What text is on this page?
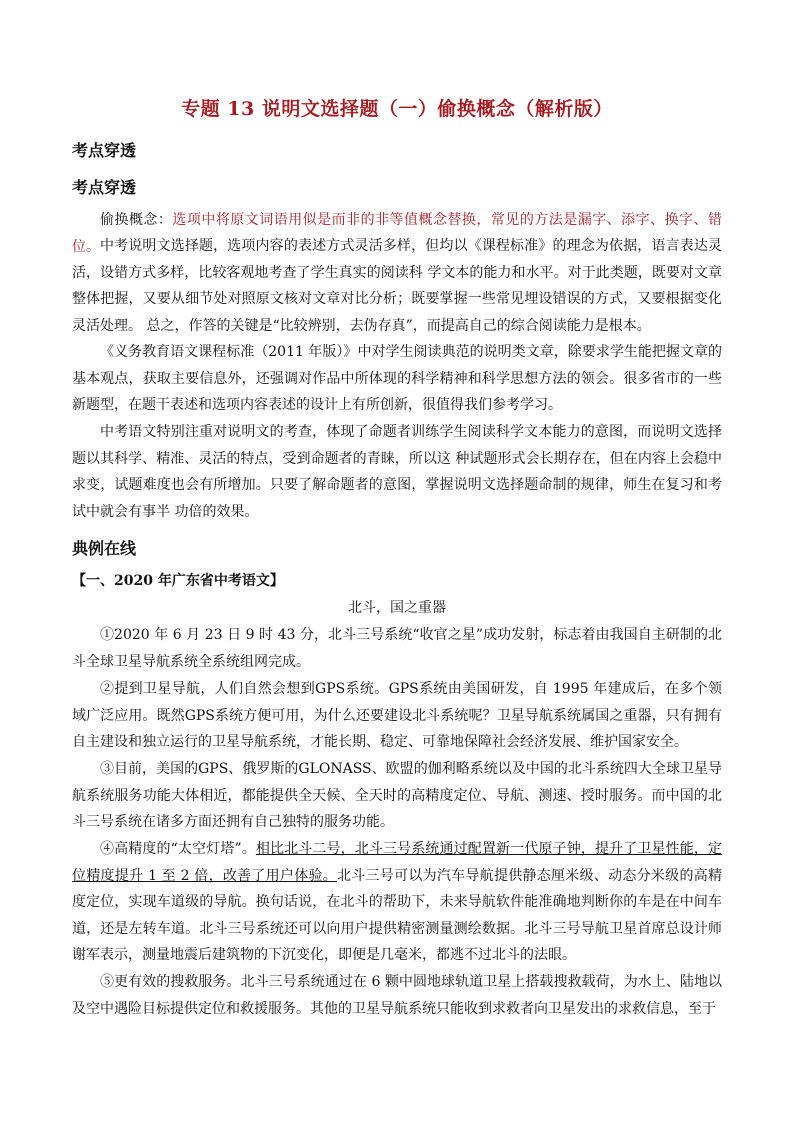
专题 13 说明文选择题（一）偷换概念（解析版）
考点穿透
考点穿透
偷换概念：选项中将原文词语用似是而非的非等值概念替换，常见的方法是漏字、添字、换字、错位。 中考说明文选择题，选项内容的表述方式灵活多样，但均以《课程标准》的理念为依据，语言表达灵活，设错方式多样，比较客观地考查了学生真实的阅读科 学文本的能力和水平。对于此类题，既要对文章整体把握，又要从细节处对照原文核对文章对比分析；既要掌握一些常见埋设错误的方式，又要根据变化灵活处理。 总之，作答的关键是“比较辨别，去伪存真”，而提高自己的综合阅读能力是根本。
《义务教育语文课程标准（2011 年版）》中对学生阅读典范的说明类文章，除要求学生能把握文章的基本观点，获取主要信息外，还强调对作品中所体现的科学精神和科学思想方法的领会。很多省市的一些新题型，在题干表述和选项内容表述的设计上有所创新，很值得我们参考学习。
中考语文特别注重对说明文的考查，体现了命题者训练学生阅读科学文本能力的意图，而说明文选择题以其科学、精准、灵活的特点，受到命题者的青睐，所以这 种试题形式会长期存在，但在内容上会稳中求变，试题难度也会有所增加。只要了解命题者的意图，掌握说明文选择题命制的规律，师生在复习和考试中就会有事半 功倍的效果。
典例在线
【一、2020 年广东省中考语文】
北斗，国之重器
①2020 年 6 月 23 日 9 时 43 分，北斗三号系统“收官之星”成功发射，标志着由我国自主研制的北斗全球卫星导航系统全系统组网完成。
②提到卫星导航，人们自然会想到GPS系统。GPS系统由美国研发，自 1995 年建成后，在多个领域广泛应用。既然GPS系统方便可用，为什么还要建设北斗系统呢？卫星导航系统属国之重器，只有拥有自主建设和独立运行的卫星导航系统，才能长期、稳定、可靠地保障社会经济发展、维护国家安全。
③目前，美国的GPS、俄罗斯的GLONASS、欧盟的伽利略系统以及中国的北斗系统四大全球卫星导航系统服务功能大体相近，都能提供全天候、全天时的高精度定位、导航、测速、授时服务。而中国的北斗三号系统在诸多方面还拥有自己独特的服务功能。
④高精度的“太空灯塔”。相比北斗二号，北斗三号系统通过配置新一代原子钟，提升了卫星性能，定位精度提升 1 至 2 倍，改善了用户体验。北斗三号可以为汽车导航提供静态厘米级、动态分米级的高精度定位，实现车道级的导航。换句话说，在北斗的帮助下，未来导航软件能准确地判断你的车是在中间车道，还是左转车道。北斗三号系统还可以向用户提供精密测量测绘数据。北斗三号导航卫星首席总设计师谢军表示，测量地震后建筑物的下沉变化，即便是几毫米，都逃不过北斗的法眼。
⑤更有效的搜救服务。北斗三号系统通过在 6 颗中圆地球轨道卫星上搭载搜救载荷，为水上、陆地以及空中遇险目标提供定位和救援服务。其他的卫星导航系统只能收到求救者向卫星发出的求救信息，至于
